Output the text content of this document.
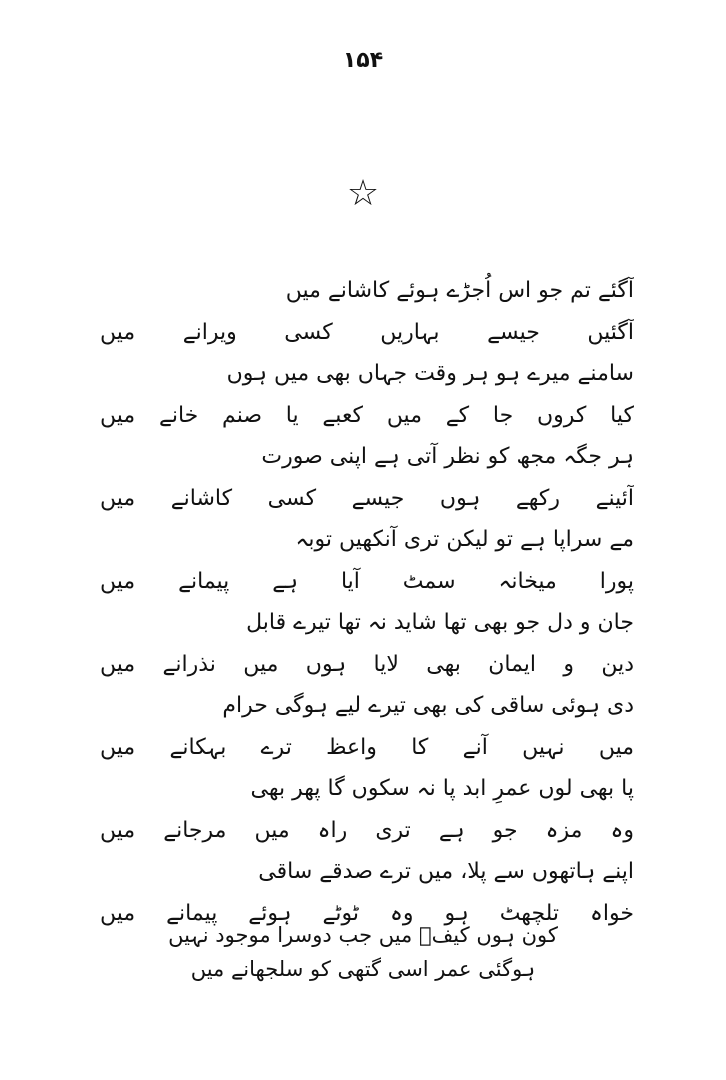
۱۵۴
☆
آگئے تم جو اس اُجڑے ہوئے کاشانے میں
آگئیں جیسے بہاریں کسی ویرانے میں
سامنے میرے ہو ہر وقت جہاں بھی میں ہوں
کیا کروں جا کے میں کعبے یا صنم خانے میں
ہر جگہ مجھ کو نظر آتی ہے اپنی صورت
آئینے رکھے ہوں جیسے کسی کاشانے میں
مے سراپا ہے تو لیکن تری آنکھیں توبہ
پورا میخانہ سمٹ آیا ہے پیمانے میں
جان و دل جو بھی تھا شاید نہ تھا تیرے قابل
دین و ایمان بھی لایا ہوں میں نذرانے میں
دی ہوئی ساقی کی بھی تیرے لیے ہوگی حرام
میں نہیں آنے کا واعظ ترے بہکانے میں
پا بھی لوں عمرِ ابد پا نہ سکوں گا پھر بھی
وہ مزہ جو ہے تری راہ میں مرجانے میں
اپنے ہاتھوں سے پلا، میں ترے صدقے ساقی
خواہ تلچھٹ ہو وہ ٹوٹے ہوئے پیمانے میں
کون ہوں کیفؔ میں جب دوسرا موجود نہیں
ہوگئی عمر اسی گتھی کو سلجھانے میں
